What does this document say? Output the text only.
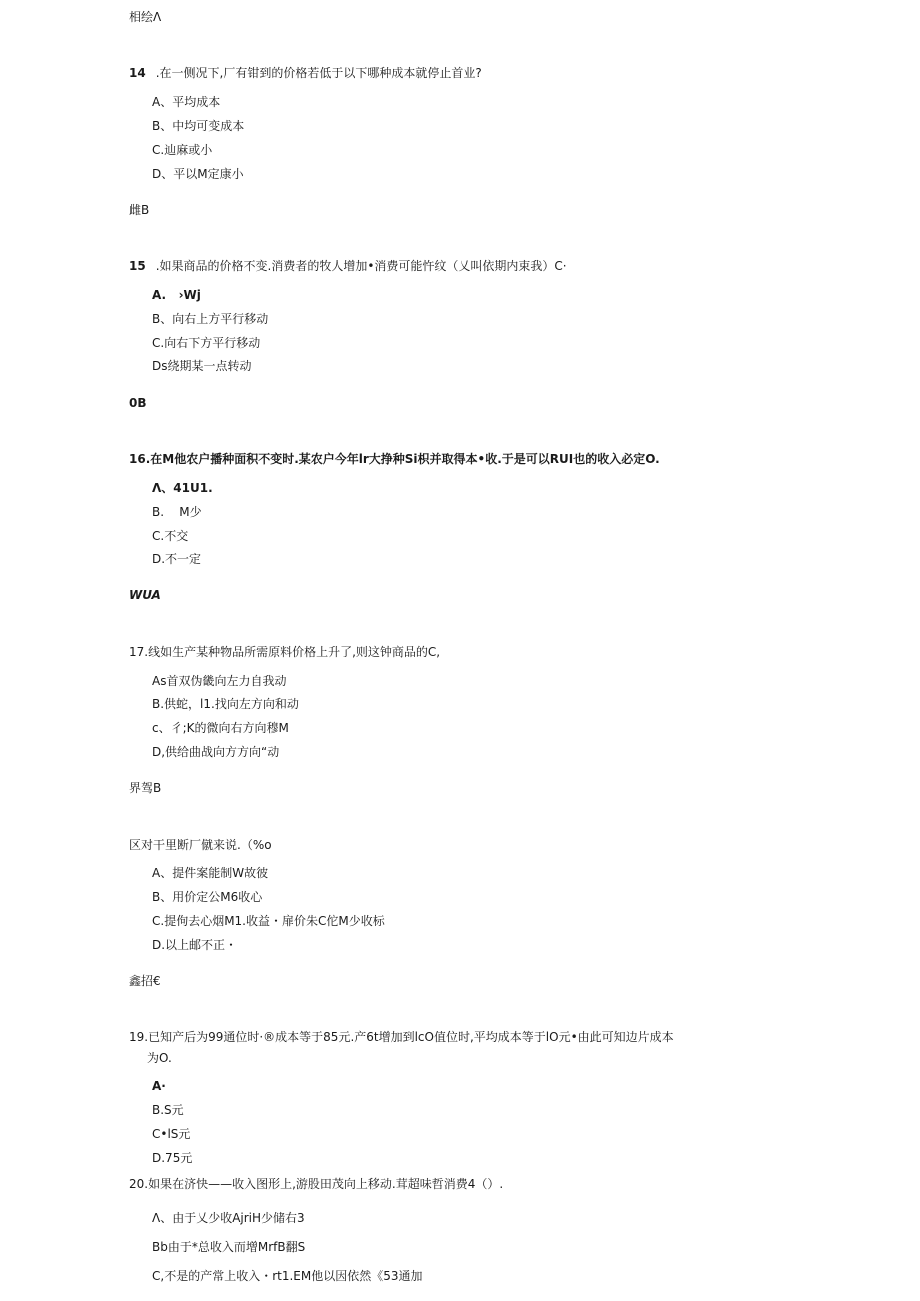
相绘Λ
14 .在一侧况下,厂有钳到的价格若低于以下哪种成本就停止首业?
A、平均成本
B、中均可变成本
C.辿麻或小
D、平以M定康小
雌B
15 .如果商品的价格不变.消费者的牧人增加•消费可能忤纹（乂叫依期内束我）C·
A.   ›Wj
B、向右上方平行移动
C.向右下方平行移动
Ds绕期某一点转动
0B
16.在M他农户播种面积不变时.某农户今年lr大挣种Si枳并取得本•收.于是可以RUI也的收入必定O.
Λ、41U1.
B.    M少
C.不交
D.不一定
WUA
17.线如生产某种物品所需原料价格上升了,则这钟商品的C,
As首双伪畿向左力自我动
B.供蛇，l1.找向左方向和动
c、彳;K的微向右方向穆M
D,供给曲战向方方向“动
界驾B
区对干里断厂僦来说.（%o
A、提件案能制W故彼
B、用价定公M6收心
C.提佝去心烟M1.收益・扉价朱C佗M少收标
D.以上邮不正・
鑫招€
19.已知产后为99通位时·®成本等于85元.产6t增加到lcO值位时,平均成本等于lO元•由此可知边片成本
为O.
A·
B.S元
C•lS元
D.75元
20.如果在济快——收入图形上,游股田茂向上移动.茸超味哲消费4（）.
Λ、由于乂少收AjriH少储右3
Bb由于*总收入而增MrfB翻S
C,不是的产常上收入・rt1.EM他以因依然《53通加
